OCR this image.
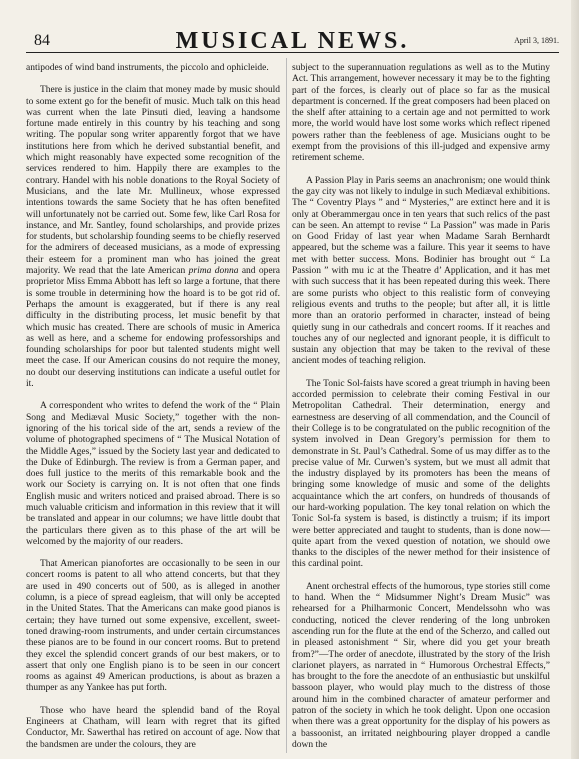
84	MUSICAL NEWS.	April 3, 1891.

antipodes of wind band instruments, the piccolo and ophicleide.

There is justice in the claim that money made by music should to some extent go for the benefit of music. Much talk on this head was current when the late Pinsuti died, leaving a handsome fortune made entirely in this country by his teaching and song writing. The popular song writer apparently forgot that we have institutions here from which he derived substantial benefit, and which might reasonably have expected some recognition of the services rendered to him. Happily there are examples to the contrary. Handel with his noble donations to the Royal Society of Musicians, and the late Mr. Mullineux, whose expressed intentions towards the same Society that he has often benefited will unfortunately not be carried out. Some few, like Carl Rosa for instance, and Mr. Santley, found scholarships, and provide prizes for students, but scholarship founding seems to be chiefly reserved for the admirers of deceased musicians, as a mode of expressing their esteem for a prominent man who has joined the great majority. We read that the late American prima donna and opera proprietor Miss Emma Abbott has left so large a fortune, that there is some trouble in determining how the hoard is to be got rid of. Perhaps the amount is exaggerated, but if there is any real difficulty in the distributing process, let music benefit by that which music has created. There are schools of music in America as well as here, and a scheme for endowing professorships and founding scholarships for poor but talented students might well meet the case. If our American cousins do not require the money, no doubt our deserving institutions can indicate a useful outlet for it.

A correspondent who writes to defend the work of the “ Plain Song and Mediæval Music Society,” together with the non-ignoring of the his torical side of the art, sends a review of the volume of photographed specimens of “ The Musical Notation of the Middle Ages,” issued by the Society last year and dedicated to the Duke of Edinburgh. The review is from a German paper, and does full justice to the merits of this remarkable book and the work our Society is carrying on. It is not often that one finds English music and writers noticed and praised abroad. There is so much valuable criticism and information in this review that it will be translated and appear in our columns; we have little doubt that the particulars there given as to this phase of the art will be welcomed by the majority of our readers.

That American pianofortes are occasionally to be seen in our concert rooms is patent to all who attend concerts, but that they are used in 490 concerts out of 500, as is alleged in another column, is a piece of spread eagleism, that will only be accepted in the United States. That the Americans can make good pianos is certain; they have turned out some expensive, excellent, sweet-toned drawing-room instruments, and under certain circumstances these pianos are to be found in our concert rooms. But to pretend they excel the splendid concert grands of our best makers, or to assert that only one English piano is to be seen in our concert rooms as against 49 American productions, is about as brazen a thumper as any Yankee has put forth.

Those who have heard the splendid band of the Royal Engineers at Chatham, will learn with regret that its gifted Conductor, Mr. Sawerthal has retired on account of age. Now that the bandsmen are under the colours, they are

subject to the superannuation regulations as well as to the Mutiny Act. This arrangement, however necessary it may be to the fighting part of the forces, is clearly out of place so far as the musical department is concerned. If the great composers had been placed on the shelf after attaining to a certain age and not permitted to work more, the world would have lost some works which reflect ripened powers rather than the feebleness of age. Musicians ought to be exempt from the provisions of this ill-judged and expensive army retirement scheme.

A Passion Play in Paris seems an anachronism; one would think the gay city was not likely to indulge in such Mediæval exhibitions. The “ Coventry Plays ” and “ Mysteries,” are extinct here and it is only at Oberammergau once in ten years that such relics of the past can be seen. An attempt to revise “ La Passion” was made in Paris on Good Friday of last year when Madame Sarah Bernhardt appeared, but the scheme was a failure. This year it seems to have met with better success. Mons. Bodinier has brought out “ La Passion ” with mu ic at the Theatre d’ Application, and it has met with such success that it has been repeated during this week. There are some purists who object to this realistic form of conveying religious events and truths to the people; but after all, it is little more than an oratorio performed in character, instead of being quietly sung in our cathedrals and concert rooms. If it reaches and touches any of our neglected and ignorant people, it is difficult to sustain any objection that may be taken to the revival of these ancient modes of teaching religion.

The Tonic Sol-faists have scored a great triumph in having been accorded permission to celebrate their coming Festival in our Metropolitan Cathedral. Their determination, energy and earnestness are deserving of all commendation, and the Council of their College is to be congratulated on the public recognition of the system involved in Dean Gregory’s permission for them to demonstrate in St. Paul’s Cathedral. Some of us may differ as to the precise value of Mr. Curwen’s system, but we must all admit that the industry displayed by its promoters has been the means of bringing some knowledge of music and some of the delights acquaintance which the art confers, on hundreds of thousands of our hard-working population. The key tonal relation on which the Tonic Sol-fa system is based, is distinctly a truism; if its import were better appreciated and taught to students, than is done now—quite apart from the vexed question of notation, we should owe thanks to the disciples of the newer method for their insistence of this cardinal point.

Anent orchestral effects of the humorous, type stories still come to hand. When the “ Midsummer Night’s Dream Music” was rehearsed for a Philharmonic Concert, Mendelssohn who was conducting, noticed the clever rendering of the long unbroken ascending run for the flute at the end of the Scherzo, and called out in pleased astonishment “ Sir, where did you get your breath from?”—The order of anecdote, illustrated by the story of the Irish clarionet players, as narrated in “ Humorous Orchestral Effects,” has brought to the fore the anecdote of an enthusiastic but unskilful bassoon player, who would play much to the distress of those around him in the combined character of amateur performer and patron of the society in which he took delight. Upon one occasion when there was a great opportunity for the display of his powers as a bassoonist, an irritated neighbouring player dropped a candle down the
